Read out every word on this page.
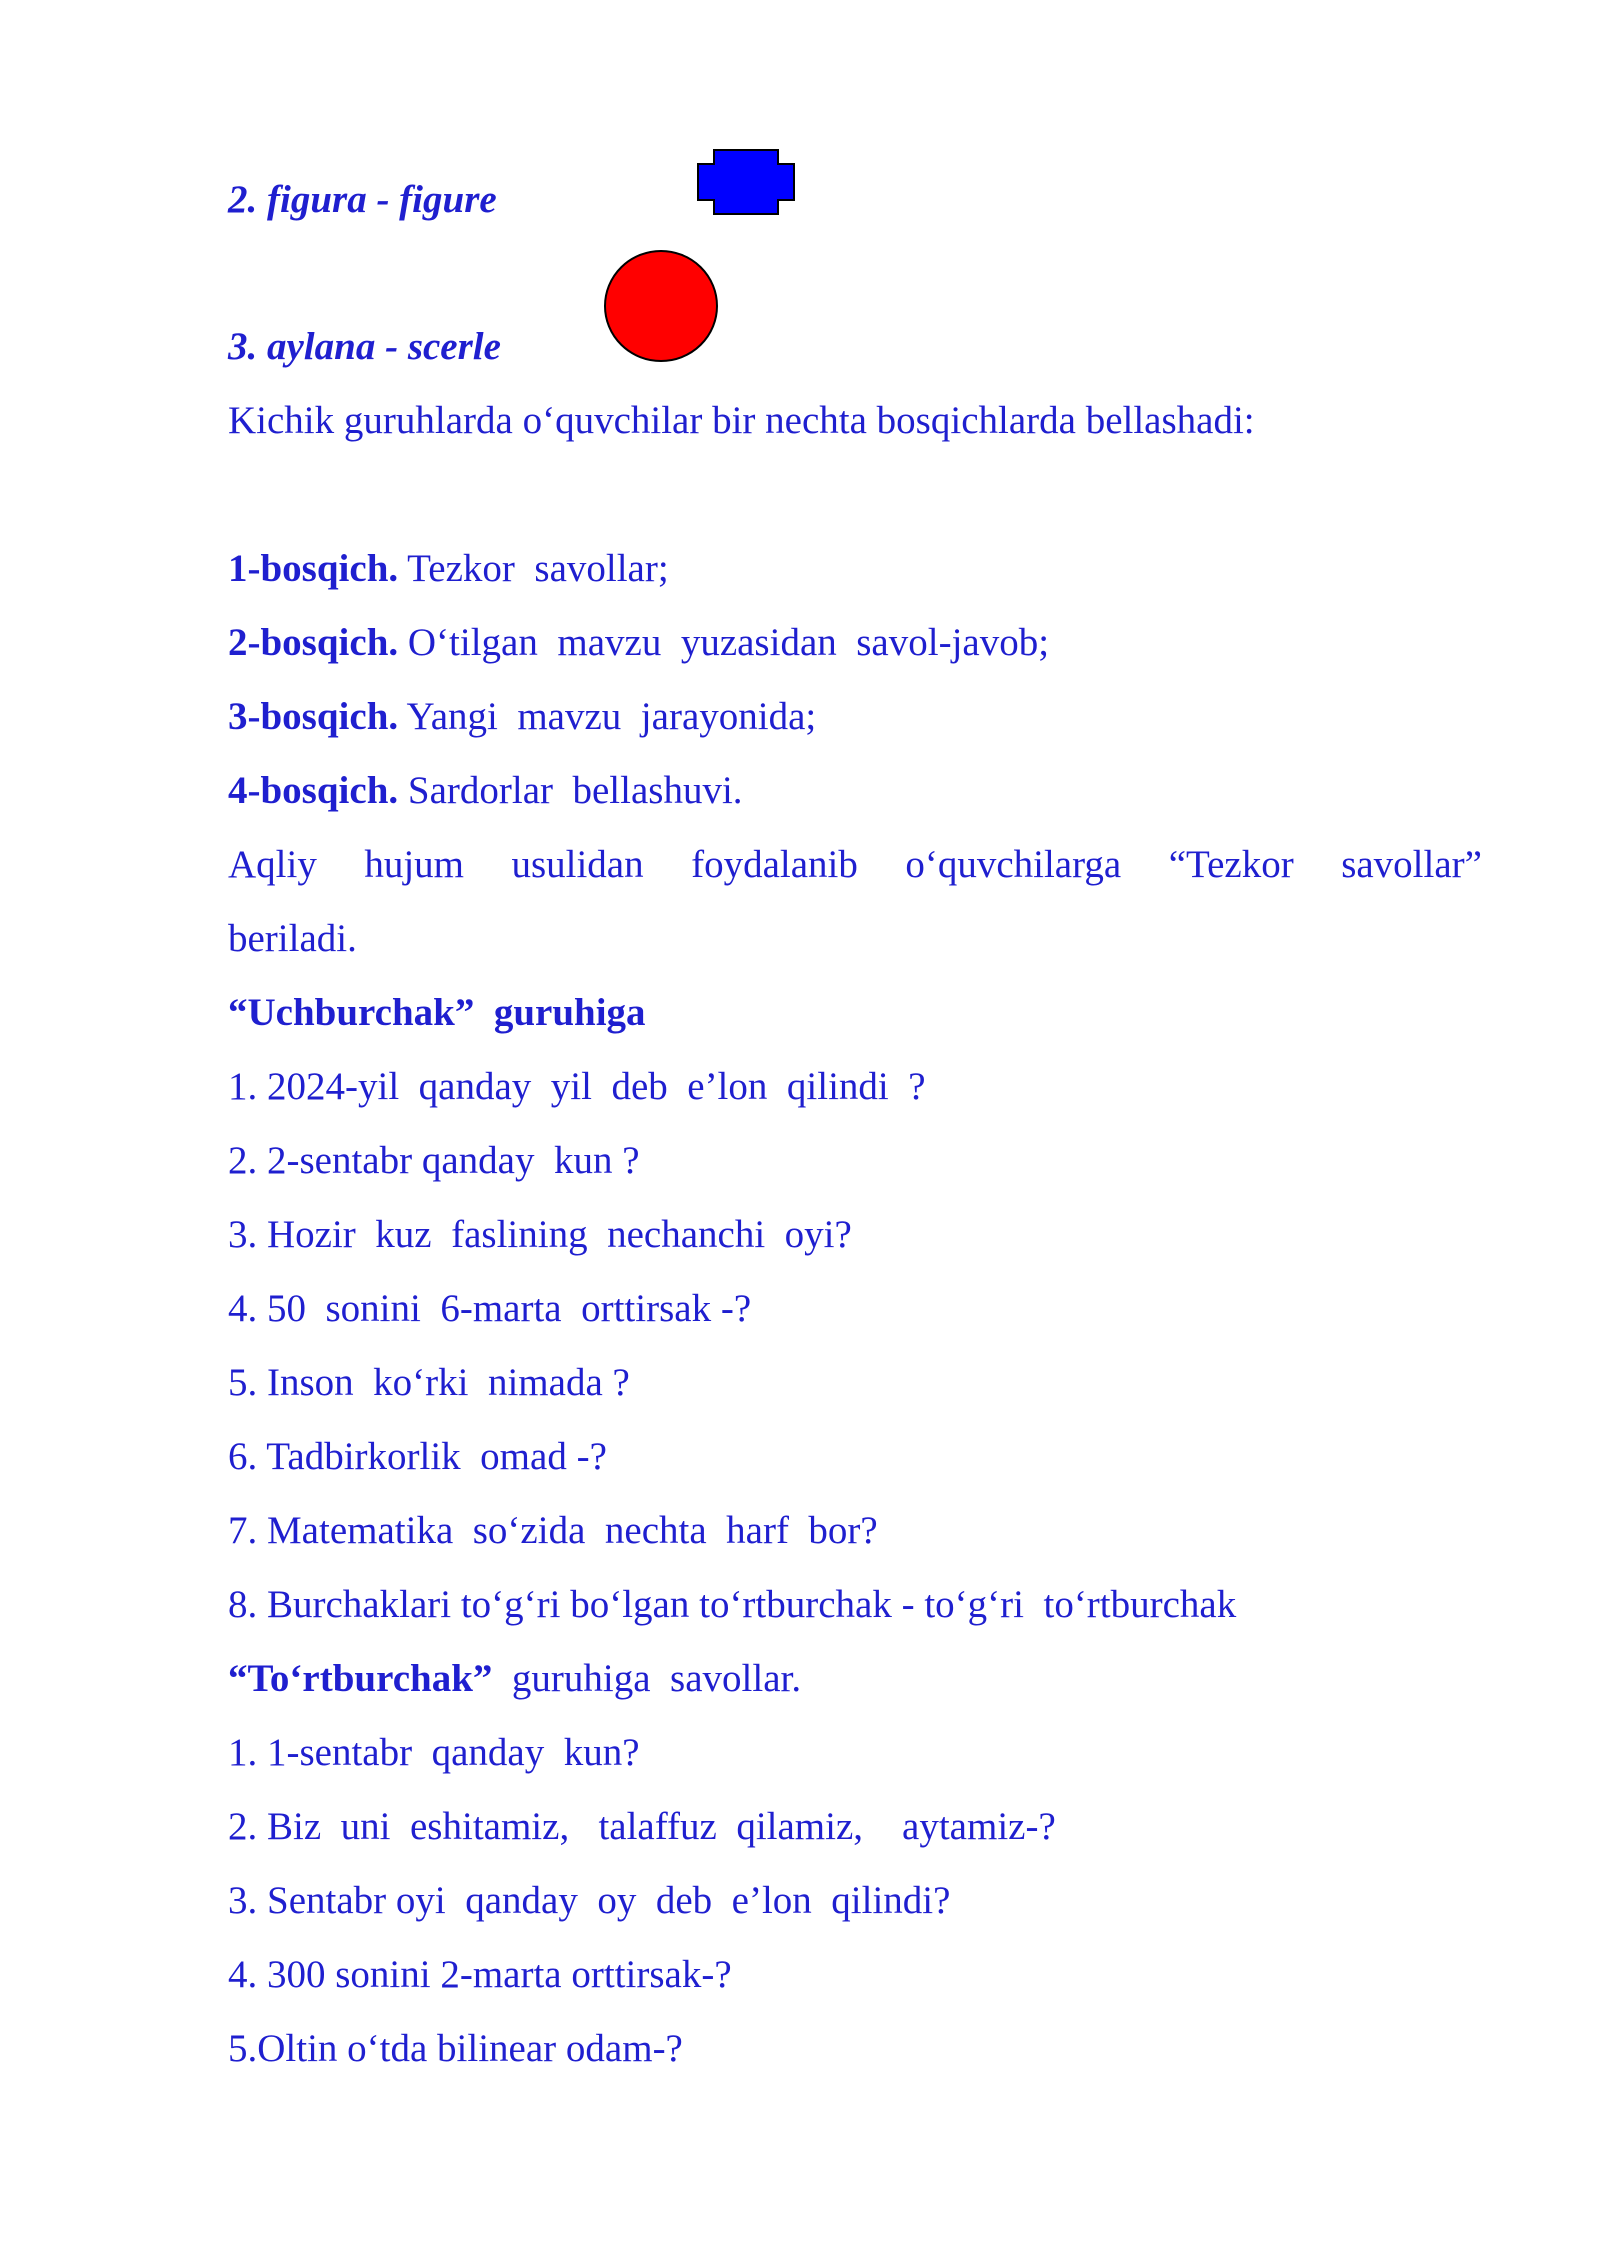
2. figura - figure
3. aylana - scerle
Kichik guruhlarda o‘quvchilar bir nechta bosqichlarda bellashadi:
1-bosqich. Tezkor  savollar;
2-bosqich. O‘tilgan  mavzu  yuzasidan  savol-javob;
3-bosqich. Yangi  mavzu  jarayonida;
4-bosqich. Sardorlar  bellashuvi.
Aqliy hujum usulidan foydalanib o‘quvchilarga “Tezkor savollar”
beriladi.
“Uchburchak”  guruhiga
1. 2024-yil  qanday  yil  deb  e’lon  qilindi  ?
2. 2-sentabr qanday  kun ?
3. Hozir  kuz  faslining  nechanchi  oyi?
4. 50  sonini  6-marta  orttirsak -?
5. Inson  ko‘rki  nimada ?
6. Tadbirkorlik  omad -?
7. Matematika  so‘zida  nechta  harf  bor?
8. Burchaklari to‘g‘ri bo‘lgan to‘rtburchak - to‘g‘ri  to‘rtburchak
“To‘rtburchak”  guruhiga  savollar.
1. 1-sentabr  qanday  kun?
2. Biz  uni  eshitamiz,   talaffuz  qilamiz,    aytamiz-?
3. Sentabr oyi  qanday  oy  deb  e’lon  qilindi?
4. 300 sonini 2-marta orttirsak-?
5.Oltin o‘tda bilinear odam-?
